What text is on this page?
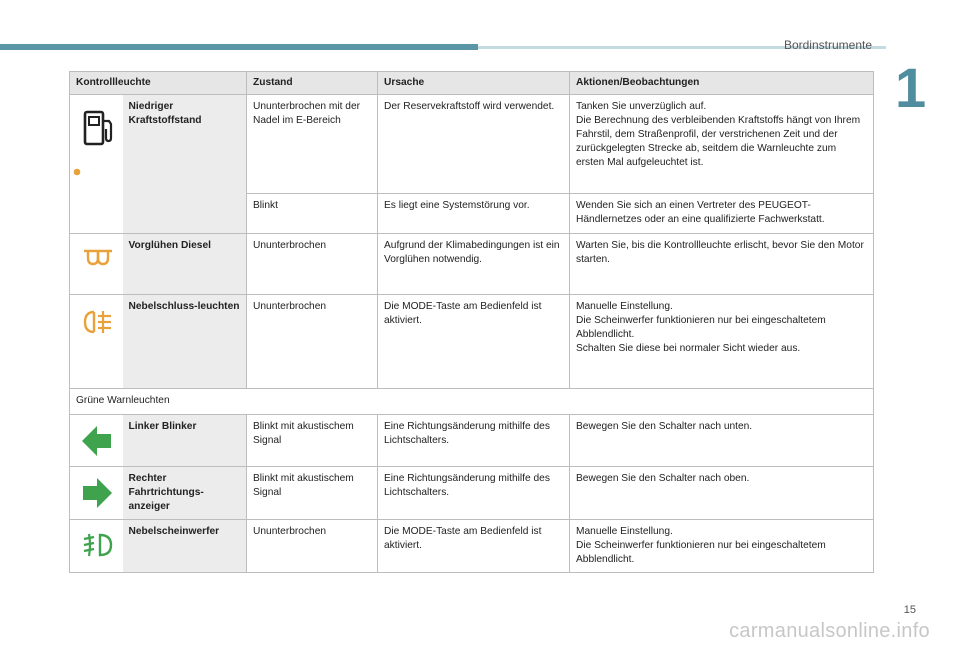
Bordinstrumente
1
Kontrollleuchte		Zustand	Ursache	Aktionen/Beobachtungen

	Niedriger Kraftstoffstand	Ununterbrochen mit der Nadel im E-Bereich	Der Reservekraftstoff wird verwendet.	Tanken Sie unverzüglich auf.
Die Berechnung des verbleibenden Kraftstoffs hängt von Ihrem Fahrstil, dem Straßenprofil, der verstrichenen Zeit und der zurückgelegten Strecke ab, seitdem die Warnleuchte zum ersten Mal aufgeleuchtet ist.
		Blinkt	Es liegt eine Systemstörung vor.	Wenden Sie sich an einen Vertreter des PEUGEOT-Händlernetzes oder an eine qualifizierte Fachwerkstatt.

	Vorglühen Diesel	Ununterbrochen	Aufgrund der Klimabedingungen ist ein Vorglühen notwendig.	Warten Sie, bis die Kontrollleuchte erlischt, bevor Sie den Motor starten.

	Nebelschluss-leuchten	Ununterbrochen	Die MODE-Taste am Bedienfeld ist aktiviert.	Manuelle Einstellung.
Die Scheinwerfer funktionieren nur bei eingeschaltetem Abblendlicht.
Schalten Sie diese bei normaler Sicht wieder aus.
Grüne Warnleuchten				

	Linker Blinker	Blinkt mit akustischem Signal	Eine Richtungsänderung mithilfe des Lichtschalters.	Bewegen Sie den Schalter nach unten.

	Rechter Fahrtrichtungs-anzeiger	Blinkt mit akustischem Signal	Eine Richtungsänderung mithilfe des Lichtschalters.	Bewegen Sie den Schalter nach oben.

	Nebelscheinwerfer	Ununterbrochen	Die MODE-Taste am Bedienfeld ist aktiviert.	Manuelle Einstellung.
Die Scheinwerfer funktionieren nur bei eingeschaltetem Abblendlicht.
15
carmanualsonline.info
